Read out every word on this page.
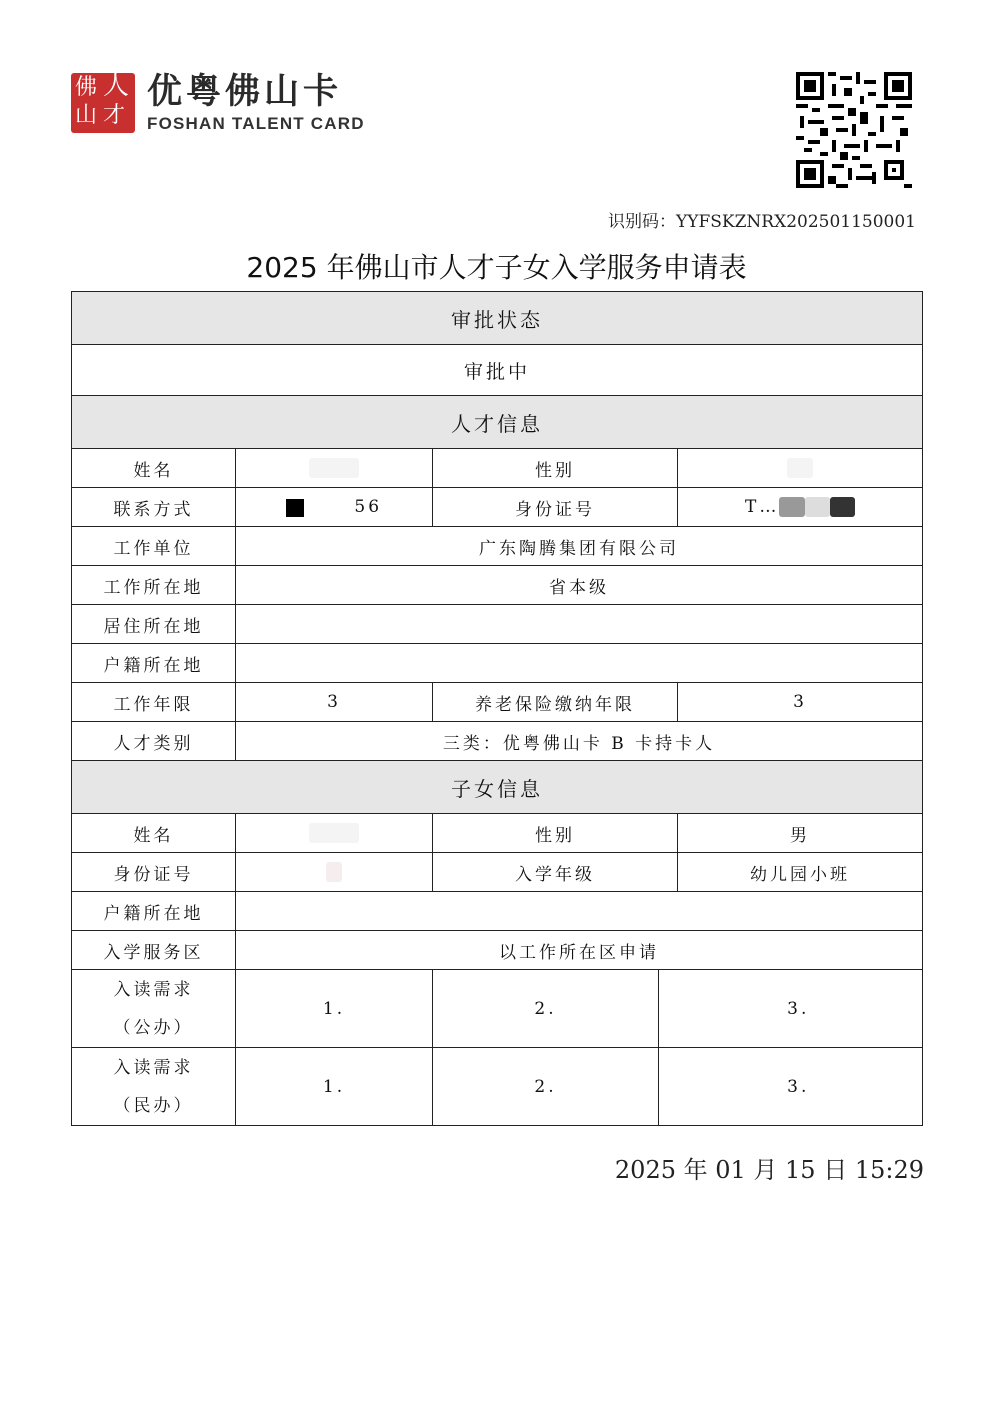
佛 人
山 才
优粤佛山卡
FOSHAN TALENT CARD
识别码：YYFSKZNRX202501150001
2025 年佛山市人才子女入学服务申请表
审批状态			
审批中			
人才信息			
姓名		性别	
联系方式	56	身份证号	T…
工作单位	广东陶腾集团有限公司		
工作所在地	省本级		
居住所在地			
户籍所在地			
工作年限	3	养老保险缴纳年限	3
人才类别	三类：优粤佛山卡 B 卡持卡人		
子女信息			
姓名		性别	男
身份证号		入学年级	幼儿园小班
户籍所在地			
入学服务区	以工作所在区申请		

入读需求
（公办）
	1.	2.	3.

入读需求
（民办）
	1.	2.	3.

2025 年 01 月 15 日 15:29
